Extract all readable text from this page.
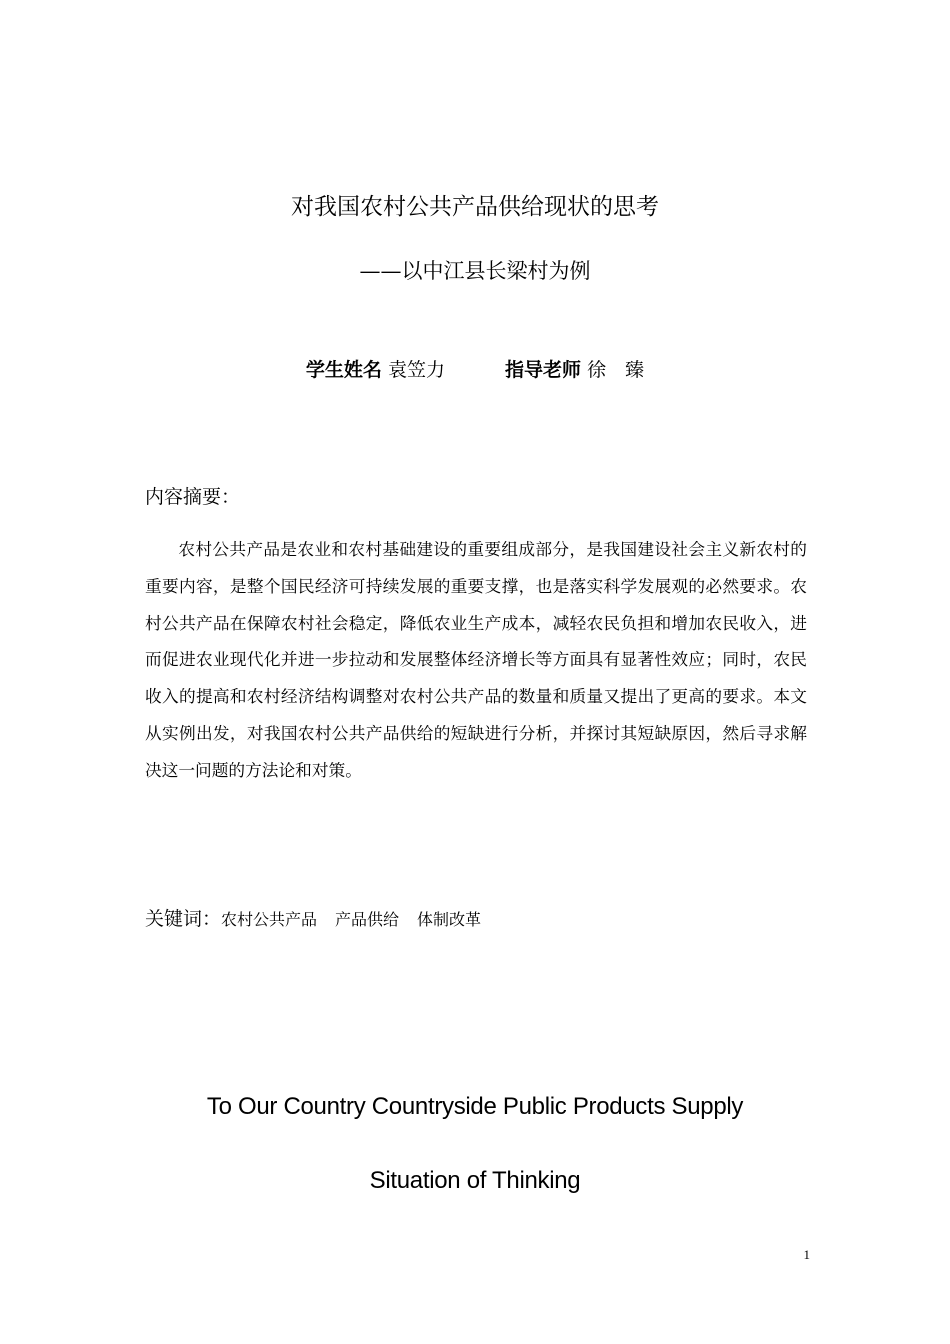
对我国农村公共产品供给现状的思考
——以中江县长梁村为例
学生姓名 袁笠力	指导老师 徐　臻
内容摘要：

农村公共产品是农业和农村基础建设的重要组成部分，是我国建设社会主义新农村的重要内容，是整个国民经济可持续发展的重要支撑，也是落实科学发展观的必然要求。农村公共产品在保障农村社会稳定，降低农业生产成本，减轻农民负担和增加农民收入，进而促进农业现代化并进一步拉动和发展整体经济增长等方面具有显著性效应；同时，农民收入的提高和农村经济结构调整对农村公共产品的数量和质量又提出了更高的要求。本文从实例出发，对我国农村公共产品供给的短缺进行分析，并探讨其短缺原因，然后寻求解决这一问题的方法论和对策。

关键词：农村公共产品 产品供给 体制改革
To Our Country Countryside Public Products Supply
Situation of Thinking
1
